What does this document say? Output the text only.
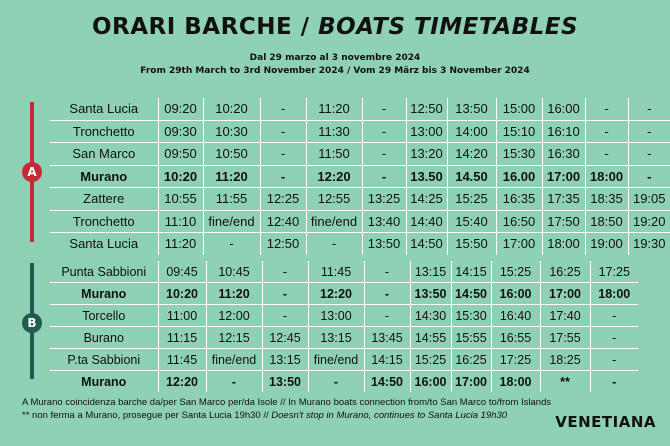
ORARI BARCHE / BOATS TIMETABLES
Dal 29 marzo al 3 novembre 2024
From 29th March to 3rd November 2024 / Vom 29 März bis 3 November 2024
A
Santa Lucia	09:20	10:20	-	11:20	-	12:50	13:50	15:00	16:00	-	-
Tronchetto	09:30	10:30	-	11:30	-	13:00	14:00	15:10	16:10	-	-
San Marco	09:50	10:50	-	11:50	-	13:20	14:20	15:30	16:30	-	-
Murano	10:20	11:20	-	12:20	-	13.50	14.50	16.00	17:00	18:00	-
Zattere	10:55	11:55	12:25	12:55	13:25	14:25	15:25	16:35	17:35	18:35	19:05
Tronchetto	11:10	fine/end	12:40	fine/end	13:40	14:40	15:40	16:50	17:50	18:50	19:20
Santa Lucia	11:20	-	12:50	-	13:50	14:50	15:50	17:00	18:00	19:00	19:30
B
Punta Sabbioni	09:45	10:45	-	11:45	-	13:15	14:15	15:25	16:25	17:25
Murano	10:20	11:20	-	12:20	-	13:50	14:50	16:00	17:00	18:00
Torcello	11:00	12:00	-	13:00	-	14:30	15:30	16:40	17:40	-
Burano	11:15	12:15	12:45	13:15	13:45	14:55	15:55	16:55	17:55	-
P.ta Sabbioni	11:45	fine/end	13:15	fine/end	14:15	15:25	16:25	17:25	18:25	-
Murano	12:20	-	13:50	-	14:50	16:00	17:00	18:00	**	-
A Murano coincidenza barche da/per San Marco per/da Isole // In Murano boats connection from/to San Marco to/from Islands
** non ferma a Murano, prosegue per Santa Lucia 19h30 // Doesn't stop in Murano, continues to Santa Lucia 19h30	VENETIANA
